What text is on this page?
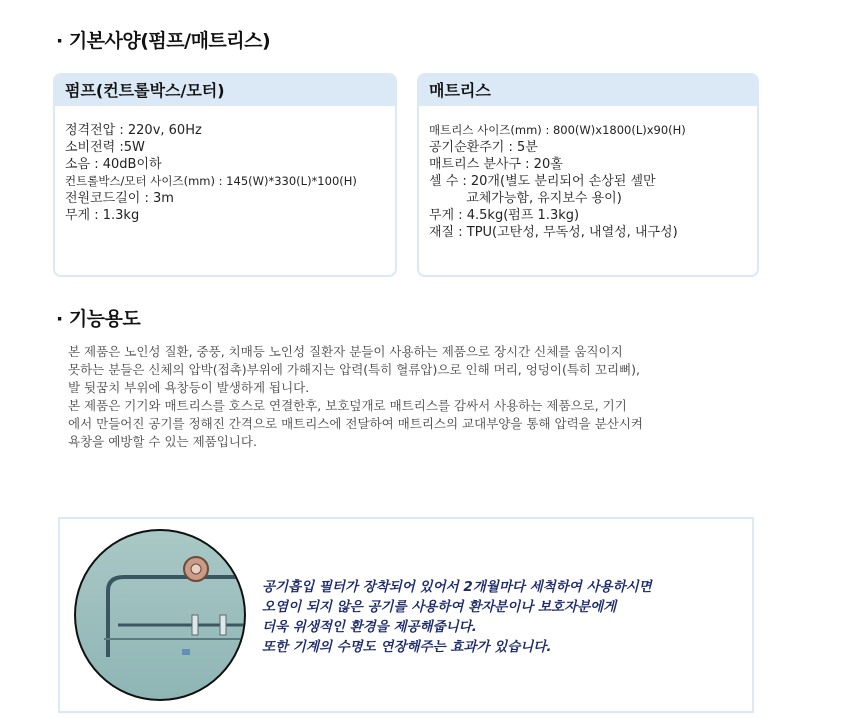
· 기본사양(펌프/매트리스)
펌프(컨트롤박스/모터)
정격전압 : 220v, 60Hz
소비전력 :5W
소음 : 40dB이하
컨트롤박스/모터 사이즈(mm) : 145(W)*330(L)*100(H)
전원코드길이 : 3m
무게 : 1.3kg
매트리스
매트리스 사이즈(mm) : 800(W)x1800(L)x90(H)
공기순환주기 : 5분
매트리스 분사구 : 20홀
셀 수 : 20개(별도 분리되어 손상된 셀만
교체가능함, 유지보수 용이)
무게 : 4.5kg(펌프 1.3kg)
재질 : TPU(고탄성, 무독성, 내열성, 내구성)
· 기능용도
본 제품은 노인성 질환, 중풍, 치매등 노인성 질환자 분들이 사용하는 제품으로 장시간 신체를 움직이지
못하는 분들은 신체의 압박(접촉)부위에 가해지는 압력(특히 혈류압)으로 인해 머리, 엉덩이(특히 꼬리뼈),
발 뒷꿈치 부위에 욕창등이 발생하게 됩니다.
본 제품은 기기와 매트리스를 호스로 연결한후, 보호덮개로 매트리스를 감싸서 사용하는 제품으로, 기기
에서 만들어진 공기를 정해진 간격으로 매트리스에 전달하여 매트리스의 교대부양을 통해 압력을 분산시켜
욕창을 예방할 수 있는 제품입니다.
공기흡입 필터가 장착되어 있어서 2개월마다 세척하여 사용하시면
오염이 되지 않은 공기를 사용하여 환자분이나 보호자분에게
더욱 위생적인 환경을 제공해줍니다.
또한 기계의 수명도 연장해주는 효과가 있습니다.
